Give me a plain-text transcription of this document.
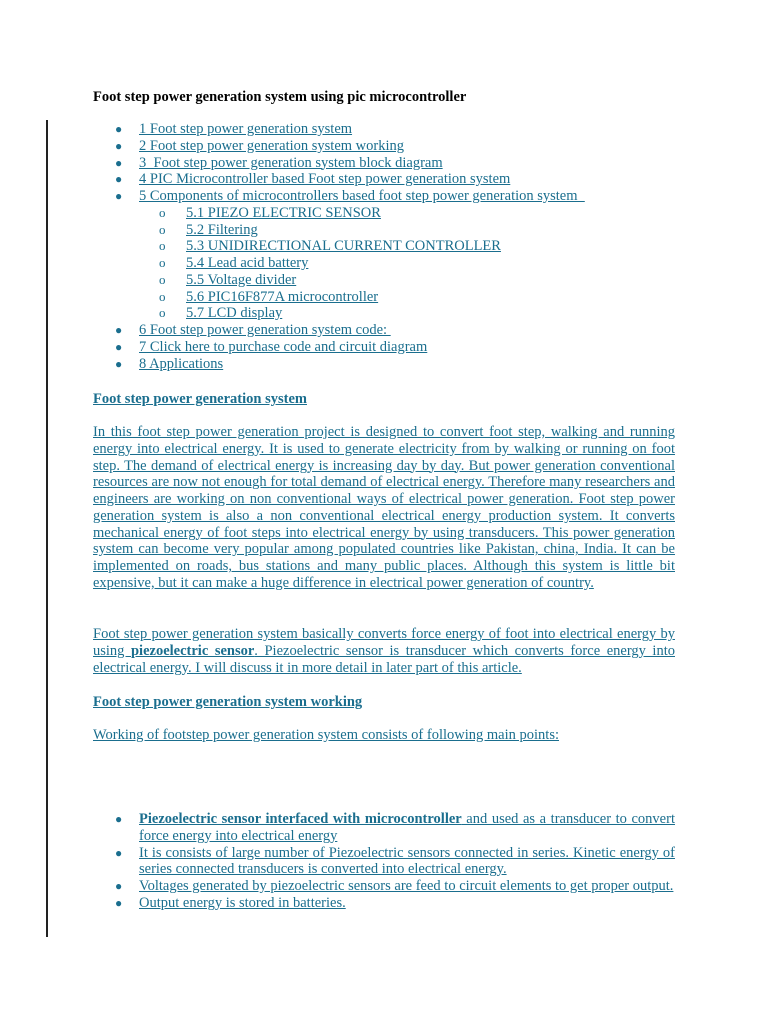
Foot step power generation system using pic microcontroller
● 1 Foot step power generation system
● 2 Foot step power generation system working
● 3  Foot step power generation system block diagram
● 4 PIC Microcontroller based Foot step power generation system
● 5 Components of microcontrollers based foot step power generation system
o 5.1 PIEZO ELECTRIC SENSOR
o 5.2 Filtering
o 5.3 UNIDIRECTIONAL CURRENT CONTROLLER
o 5.4 Lead acid battery
o 5.5 Voltage divider
o 5.6 PIC16F877A microcontroller
o 5.7 LCD display
● 6 Foot step power generation system code:
● 7 Click here to purchase code and circuit diagram
● 8 Applications
Foot step power generation system
In this foot step power generation project is designed to convert foot step, walking and running energy into electrical energy. It is used to generate electricity from by walking or running on foot step. The demand of electrical energy is increasing day by day. But power generation conventional resources are now not enough for total demand of electrical energy. Therefore many researchers and engineers are working on non conventional ways of electrical power generation. Foot step power generation system is also a non conventional electrical energy production system. It converts mechanical energy of foot steps into electrical energy by using transducers. This power generation system can become very popular among populated countries like Pakistan, china, India. It can be implemented on roads, bus stations and many public places. Although this system is little bit expensive, but it can make a huge difference in electrical power generation of country.
Foot step power generation system basically converts force energy of foot into electrical energy by using piezoelectric sensor. Piezoelectric sensor is transducer which converts force energy into electrical energy. I will discuss it in more detail in later part of this article.
Foot step power generation system working
Working of footstep power generation system consists of following main points:
● Piezoelectric sensor interfaced with microcontroller and used as a transducer to convert force energy into electrical energy
● It is consists of large number of Piezoelectric sensors connected in series. Kinetic energy of series connected transducers is converted into electrical energy.
● Voltages generated by piezoelectric sensors are feed to circuit elements to get proper output.
● Output energy is stored in batteries.
